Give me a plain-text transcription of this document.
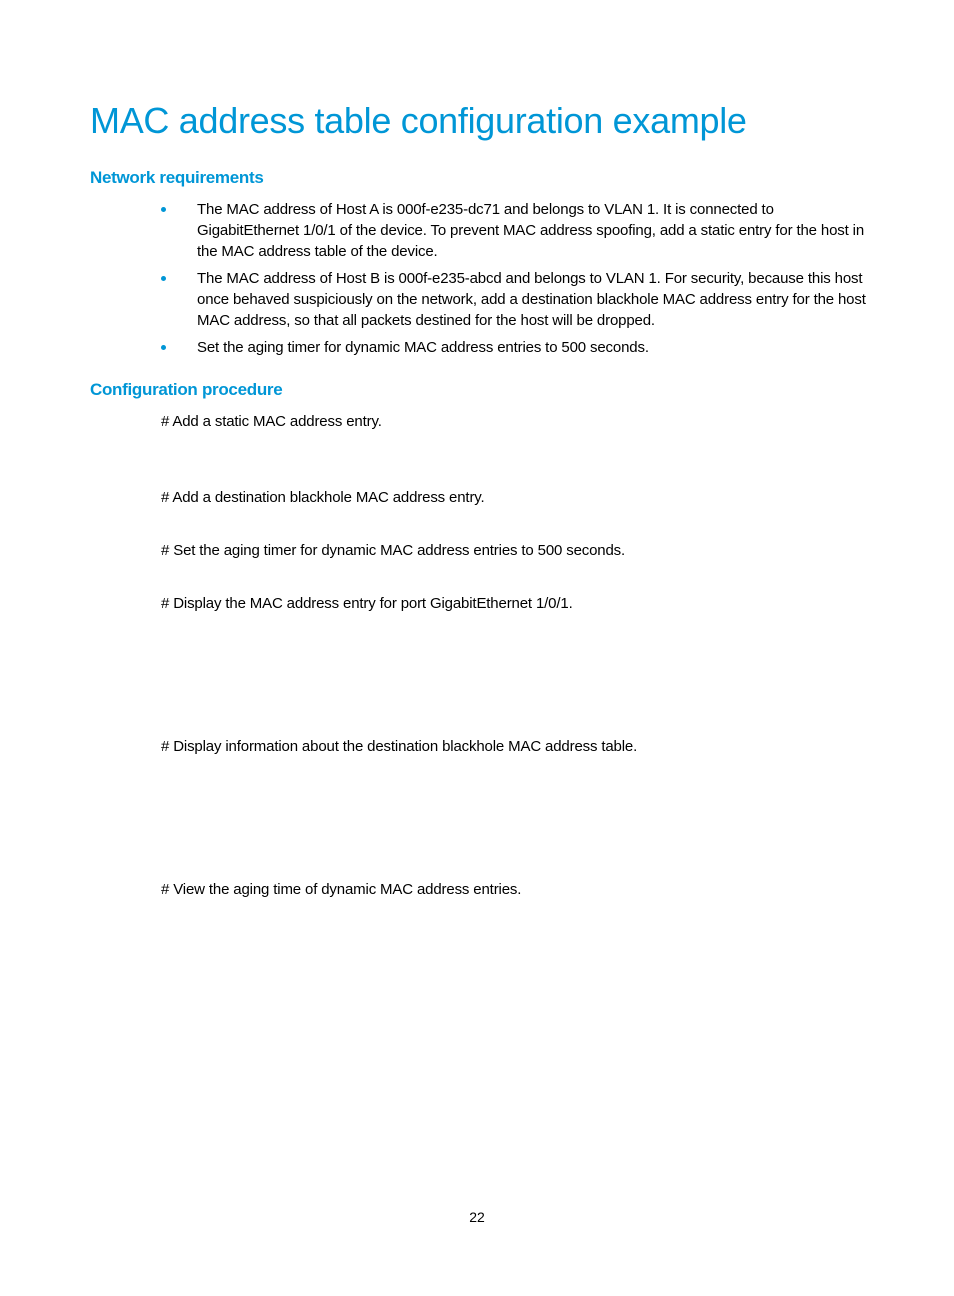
MAC address table configuration example
Network requirements
The MAC address of Host A is 000f-e235-dc71 and belongs to VLAN 1. It is connected to GigabitEthernet 1/0/1 of the device. To prevent MAC address spoofing, add a static entry for the host in the MAC address table of the device.
The MAC address of Host B is 000f-e235-abcd and belongs to VLAN 1. For security, because this host once behaved suspiciously on the network, add a destination blackhole MAC address entry for the host MAC address, so that all packets destined for the host will be dropped.
Set the aging timer for dynamic MAC address entries to 500 seconds.
Configuration procedure

# Add a static MAC address entry.

# Add a destination blackhole MAC address entry.

# Set the aging timer for dynamic MAC address entries to 500 seconds.

# Display the MAC address entry for port GigabitEthernet 1/0/1.

# Display information about the destination blackhole MAC address table.

# View the aging time of dynamic MAC address entries.

22
